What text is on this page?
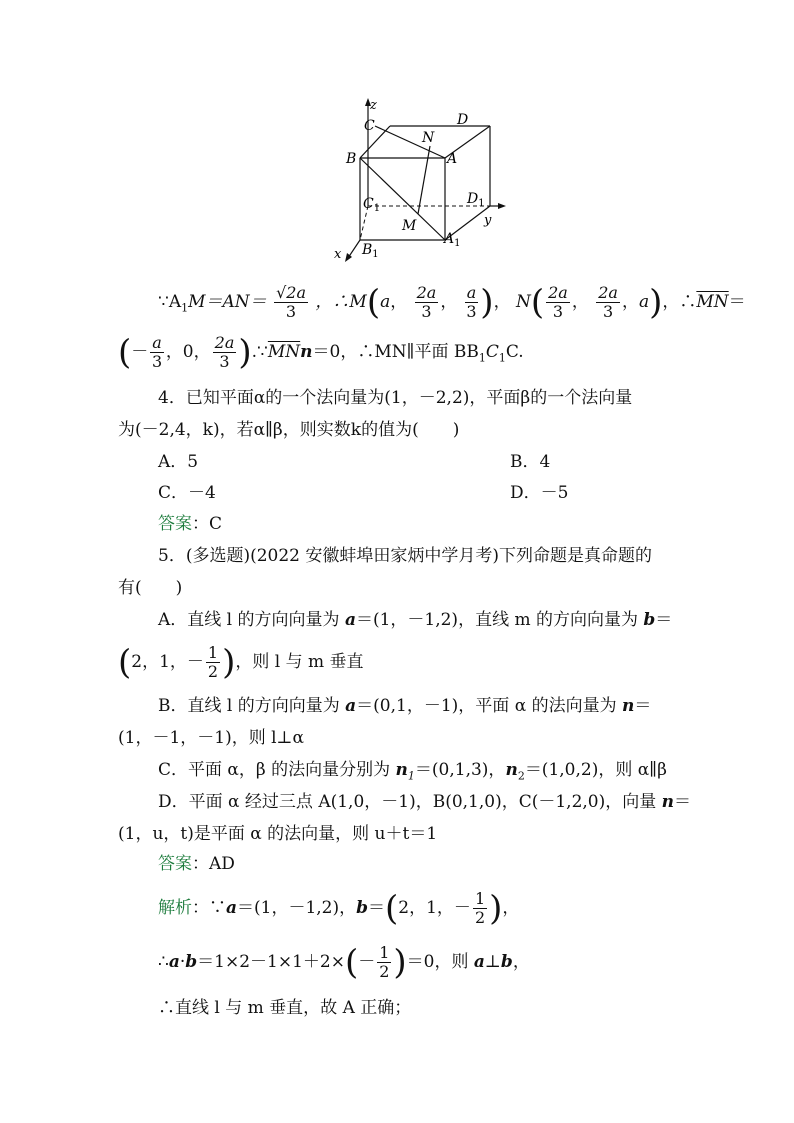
z
C	D
N
B	A
$C_1$
$D_1$
M	y
x $B_1$
$A_1$
$\because A_1M=AN= \frac{√2a}{3}$ ，∴M(a， $\frac{2a}{3}$ ， $\frac{a}{3}$ )， $N( \frac{2a}{3}$ ， $\frac{2a}{3}$ ，a)，$\therefore\overline{MN}=$
(－ $\frac{a}{3}$ ，0， $\frac{2a}{3}$ )$.\because\overline{MN}n=0$，∴MN∥平面 $BB_1C_1C$.
4．已知平面α的一个法向量为(1，－2,2)，平面β的一个法向量
为(－2,4，k)，若α∥β，则实数k的值为(　　)
A．5	B．4
C．－4	D．－5
答案：C
5．(多选题)(2022 安徽蚌埠田家炳中学月考)下列命题是真命题的
有(　　)
A．直线 l 的方向向量为 a＝(1，－1,2)，直线 m 的方向向量为 b＝
(2，1，－ $\frac{1}{2}$ )，则 l 与 m 垂直
B．直线 l 的方向向量为 a＝(0,1，－1)，平面 α 的法向量为 n＝
(1，－1，－1)，则 l⊥α
C．平面 α，β 的法向量分别为 $n_1=(0,1,3)$，$n_2=(1,0,2)$，则 α∥β
D．平面 α 经过三点 A(1,0，－1)，B(0,1,0)，C(－1,2,0)，向量 n＝
(1，u，t)是平面 α 的法向量，则 u＋t＝1
答案：AD
解析：∵a＝(1，－1,2)，b＝(2，1，－ $\frac{1}{2}$ )，
∴a·b＝1×2－1×1＋2×(－ $\frac{1}{2} )=0$，则 a⊥b，
∴直线 l 与 m 垂直，故 A 正确；
